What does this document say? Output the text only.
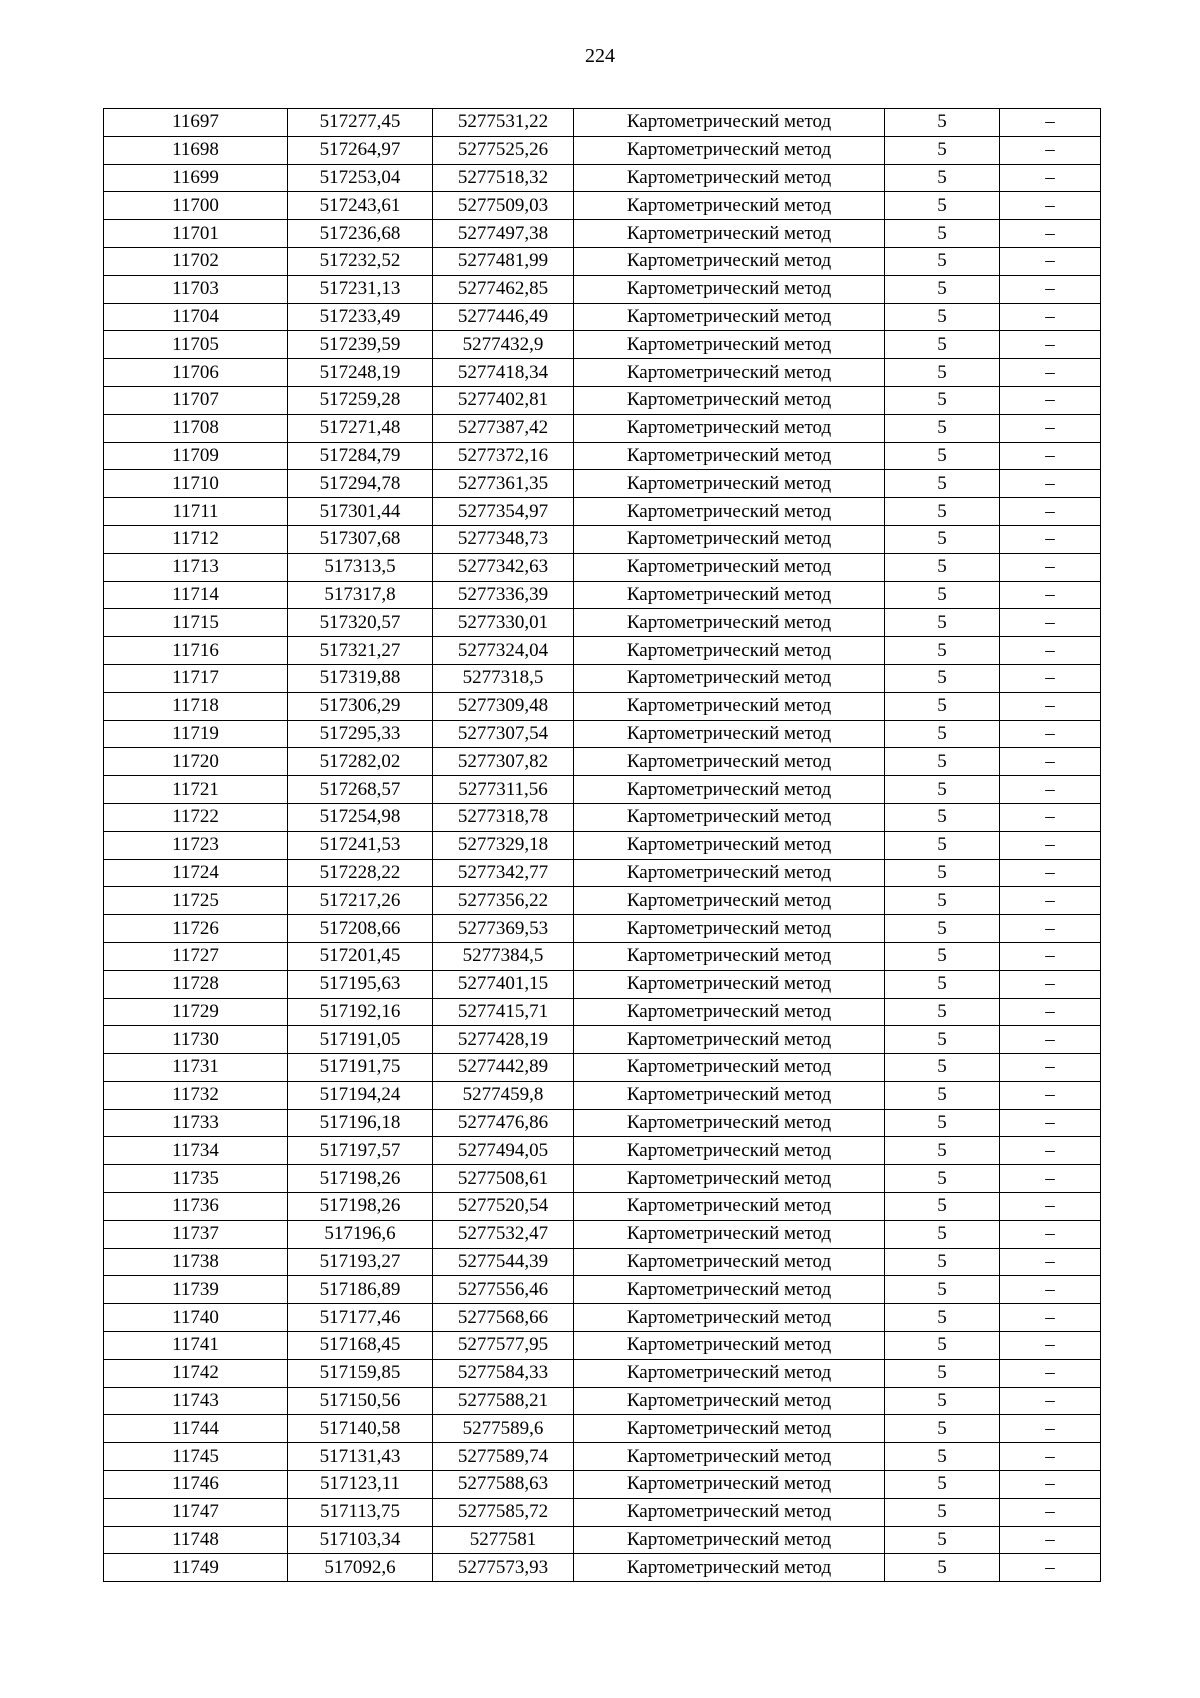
224
11697	517277,45	5277531,22	Картометрический метод	5	–
11698	517264,97	5277525,26	Картометрический метод	5	–
11699	517253,04	5277518,32	Картометрический метод	5	–
11700	517243,61	5277509,03	Картометрический метод	5	–
11701	517236,68	5277497,38	Картометрический метод	5	–
11702	517232,52	5277481,99	Картометрический метод	5	–
11703	517231,13	5277462,85	Картометрический метод	5	–
11704	517233,49	5277446,49	Картометрический метод	5	–
11705	517239,59	5277432,9	Картометрический метод	5	–
11706	517248,19	5277418,34	Картометрический метод	5	–
11707	517259,28	5277402,81	Картометрический метод	5	–
11708	517271,48	5277387,42	Картометрический метод	5	–
11709	517284,79	5277372,16	Картометрический метод	5	–
11710	517294,78	5277361,35	Картометрический метод	5	–
11711	517301,44	5277354,97	Картометрический метод	5	–
11712	517307,68	5277348,73	Картометрический метод	5	–
11713	517313,5	5277342,63	Картометрический метод	5	–
11714	517317,8	5277336,39	Картометрический метод	5	–
11715	517320,57	5277330,01	Картометрический метод	5	–
11716	517321,27	5277324,04	Картометрический метод	5	–
11717	517319,88	5277318,5	Картометрический метод	5	–
11718	517306,29	5277309,48	Картометрический метод	5	–
11719	517295,33	5277307,54	Картометрический метод	5	–
11720	517282,02	5277307,82	Картометрический метод	5	–
11721	517268,57	5277311,56	Картометрический метод	5	–
11722	517254,98	5277318,78	Картометрический метод	5	–
11723	517241,53	5277329,18	Картометрический метод	5	–
11724	517228,22	5277342,77	Картометрический метод	5	–
11725	517217,26	5277356,22	Картометрический метод	5	–
11726	517208,66	5277369,53	Картометрический метод	5	–
11727	517201,45	5277384,5	Картометрический метод	5	–
11728	517195,63	5277401,15	Картометрический метод	5	–
11729	517192,16	5277415,71	Картометрический метод	5	–
11730	517191,05	5277428,19	Картометрический метод	5	–
11731	517191,75	5277442,89	Картометрический метод	5	–
11732	517194,24	5277459,8	Картометрический метод	5	–
11733	517196,18	5277476,86	Картометрический метод	5	–
11734	517197,57	5277494,05	Картометрический метод	5	–
11735	517198,26	5277508,61	Картометрический метод	5	–
11736	517198,26	5277520,54	Картометрический метод	5	–
11737	517196,6	5277532,47	Картометрический метод	5	–
11738	517193,27	5277544,39	Картометрический метод	5	–
11739	517186,89	5277556,46	Картометрический метод	5	–
11740	517177,46	5277568,66	Картометрический метод	5	–
11741	517168,45	5277577,95	Картометрический метод	5	–
11742	517159,85	5277584,33	Картометрический метод	5	–
11743	517150,56	5277588,21	Картометрический метод	5	–
11744	517140,58	5277589,6	Картометрический метод	5	–
11745	517131,43	5277589,74	Картометрический метод	5	–
11746	517123,11	5277588,63	Картометрический метод	5	–
11747	517113,75	5277585,72	Картометрический метод	5	–
11748	517103,34	5277581	Картометрический метод	5	–
11749	517092,6	5277573,93	Картометрический метод	5	–
